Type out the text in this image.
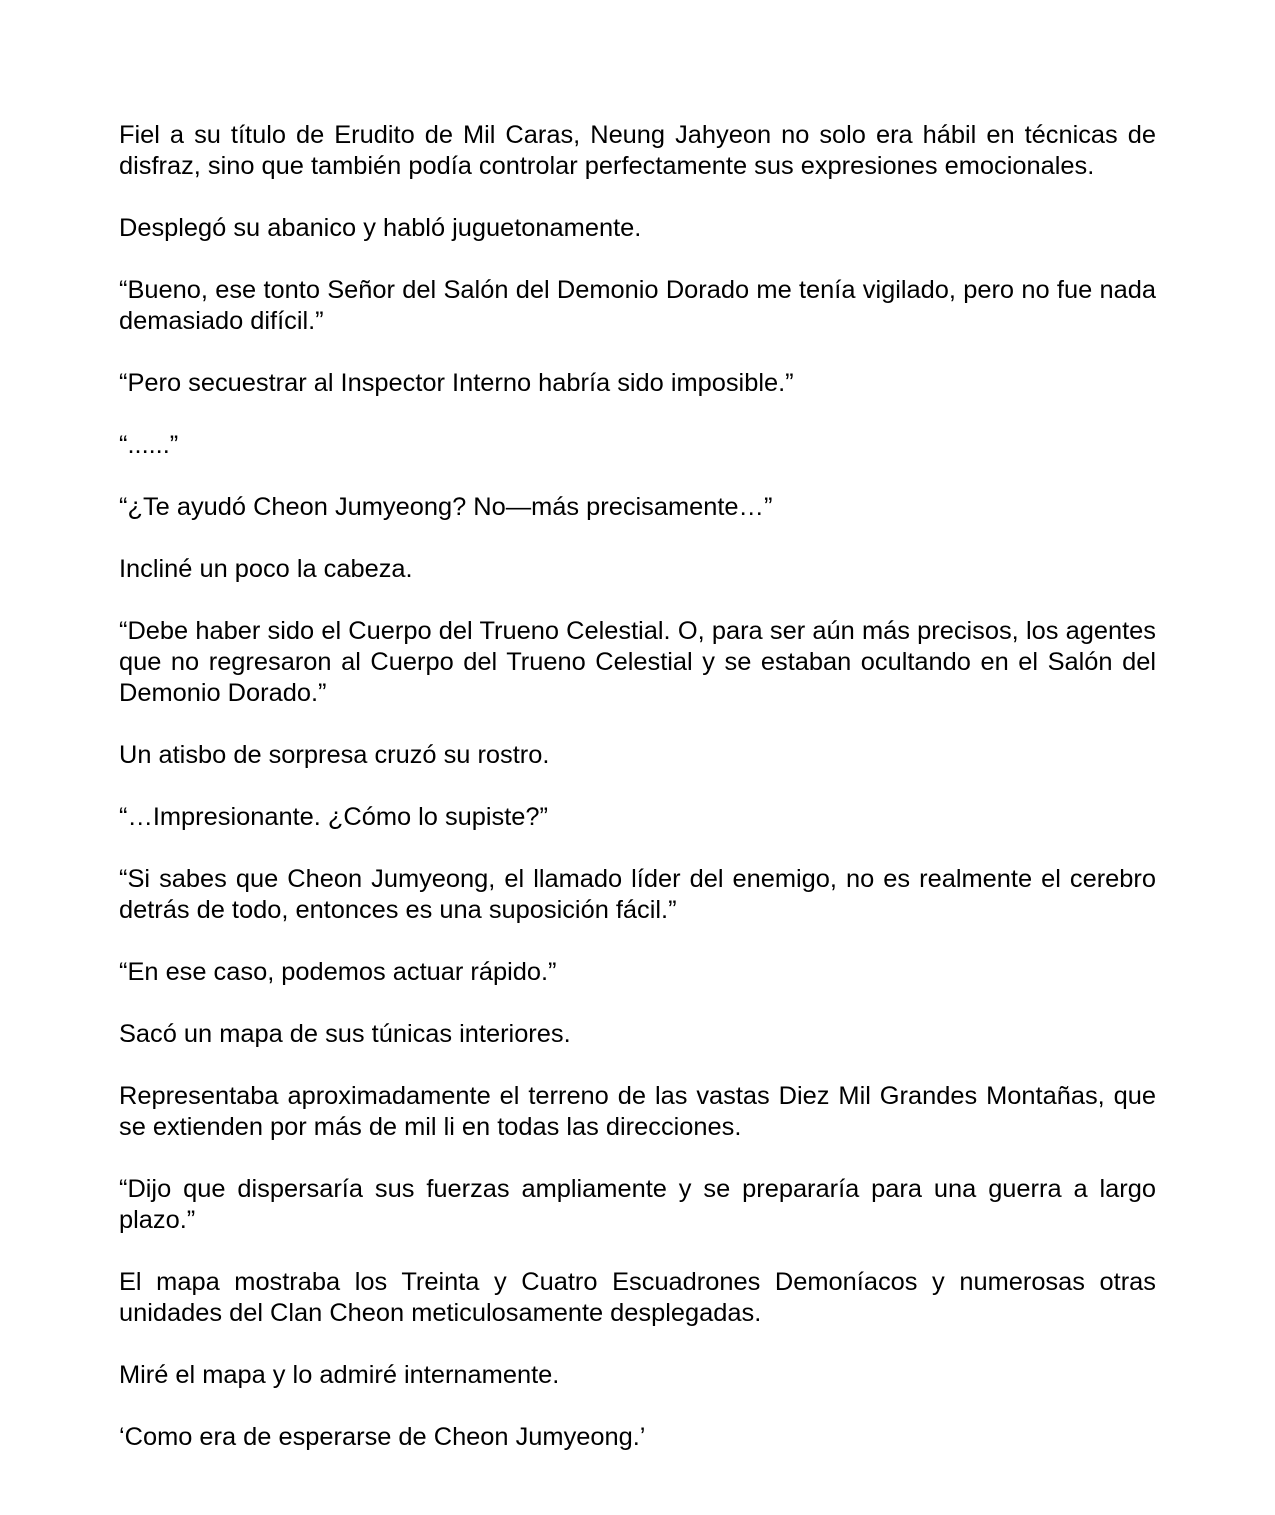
Fiel a su título de Erudito de Mil Caras, Neung Jahyeon no solo era hábil en técnicas de disfraz, sino que también podía controlar perfectamente sus expresiones emocionales.

Desplegó su abanico y habló juguetonamente.

“Bueno, ese tonto Señor del Salón del Demonio Dorado me tenía vigilado, pero no fue nada demasiado difícil.”

“Pero secuestrar al Inspector Interno habría sido imposible.”

“......”

“¿Te ayudó Cheon Jumyeong? No—más precisamente…”

Incliné un poco la cabeza.

“Debe haber sido el Cuerpo del Trueno Celestial. O, para ser aún más precisos, los agentes que no regresaron al Cuerpo del Trueno Celestial y se estaban ocultando en el Salón del Demonio Dorado.”

Un atisbo de sorpresa cruzó su rostro.

“…Impresionante. ¿Cómo lo supiste?”

“Si sabes que Cheon Jumyeong, el llamado líder del enemigo, no es realmente el cerebro detrás de todo, entonces es una suposición fácil.”

“En ese caso, podemos actuar rápido.”

Sacó un mapa de sus túnicas interiores.

Representaba aproximadamente el terreno de las vastas Diez Mil Grandes Montañas, que se extienden por más de mil li en todas las direcciones.

“Dijo que dispersaría sus fuerzas ampliamente y se prepararía para una guerra a largo plazo.”

El mapa mostraba los Treinta y Cuatro Escuadrones Demoníacos y numerosas otras unidades del Clan Cheon meticulosamente desplegadas.

Miré el mapa y lo admiré internamente.

‘Como era de esperarse de Cheon Jumyeong.’
